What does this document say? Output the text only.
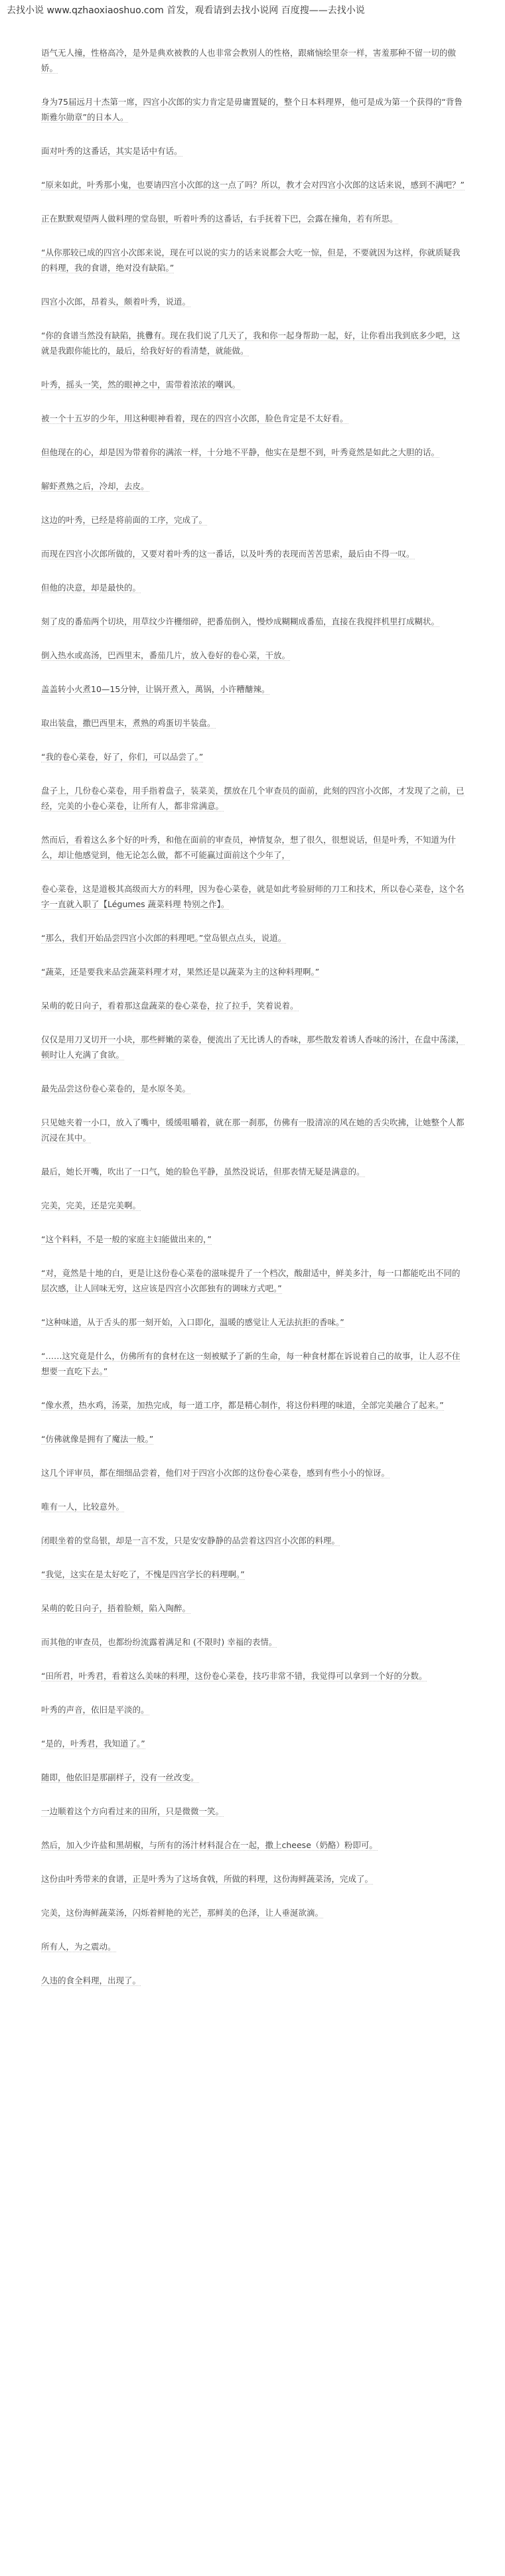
去找小说 www.qzhaoxiaoshuo.com 首发，观看请到去找小说网 百度搜——去找小说

语气无人撞，性格高冷，是外是典欢被教的人也非常会教别人的性格，跟痛恼绘里奈一样，害羞那种不留一切的傲娇。

身为75届远月十杰第一席，四宫小次郎的实力肯定是毋庸置疑的，整个日本料理界，他可是成为第一个获得的“背鲁斯雅尔勋章”的日本人。

面对叶秀的这番话，其实是话中有话。

“原来如此，叶秀那小鬼，也要请四宫小次郎的这一点了吗？所以，教才会对四宫小次郎的这话来说，感到不满吧？”

正在默默观望两人做料理的堂岛银，听着叶秀的这番话，右手抚着下巴，会露在撞角，若有所思。

“从你那较已成的四宫小次郎来说，现在可以说的实力的话来说都会大吃一惊，但是，不要就因为这样，你就质疑我的料理，我的食谱，绝对没有缺陷。”

四宫小次郎，昂着头，颇着叶秀，说道。

“你的食谱当然没有缺陷，挑釁有。现在我们说了几天了，我和你一起身帮助一起，好，让你看出我到底多少吧，这就是我跟你能比的，最后，给我好好的看清楚，就能做。

叶秀，摇头一笑，然的眼神之中，需带着浓浓的嘲讽。

被一个十五岁的少年，用这种眼神看着，现在的四宫小次郎，脸色肯定是不太好看。

但他现在的心，却是因为带着你的满浓一样，十分地不平静，他实在是想不到，叶秀竟然是如此之大胆的话。

解虾煮熟之后，冷却，去皮。

这边的叶秀，已经是将前面的工序，完成了。

而现在四宫小次郎所做的，又要对着叶秀的这一番话，以及叶秀的表现而苦苦思索，最后由不得一叹。

但他的决意，却是最快的。

刻了皮的番茄两个切块，用草纹少许栅细碎，把番茄倒入，慢炒成糊糊成番茄，直接在我搅拌机里打成糊状。

倒入热水或高汤，巴西里末，番茄几片，放入卷好的卷心菜，干放。

盖盖转小火煮10—15分钟，让锅开煮入，萬锅，小许糟醣辣。

取出装盘，撒巴西里末，煮熟的鸡蛋切半装盘。

“我的卷心菜卷，好了，你们，可以品尝了。”

盘子上，几份卷心菜卷，用手指着盘子，装菜美，摆放在几个审查员的面前，此刻的四宫小次郎，才发现了之前，已经，完美的小卷心菜卷，让所有人，都非常满意。

然而后，看着这么多个好的叶秀，和他在面前的审查员，神情复杂，想了很久，很想说话，但是叶秀，不知道为什么，却让他感觉到，他无论怎么做，都不可能赢过面前这个少年了，

卷心菜卷，这是道极其高级而大方的料理，因为卷心菜卷，就是如此考验厨师的刀工和技术，所以卷心菜卷，这个名字一直就入职了【Légumes 蔬菜料理 特别之作】。

“那么，我们开始品尝四宫小次郎的料理吧。”堂岛银点点头，说道。

“蔬菜，还是要我来品尝蔬菜料理才对，果然还是以蔬菜为主的这种料理啊。”

呆萌的乾日向子，看着那这盘蔬菜的卷心菜卷，拉了拉手，笑着说着。

仅仅是用刀叉切开一小块，那些鲜嫩的菜卷，便流出了无比诱人的香味，那些散发着诱人香味的汤汁，在盘中荡漾，顿时让人充满了食欲。

最先品尝这份卷心菜卷的，是水原冬美。

只见她夹着一小口，放入了嘴中，缓缓咀嚼着，就在那一刹那，仿佛有一股清凉的风在她的舌尖吹拂，让她整个人都沉浸在其中。

最后，她长开嘴，吹出了一口气，她的脸色平静，虽然没说话，但那表情无疑是满意的。

完美，完美，还是完美啊。

“这个料料，不是一般的家庭主妇能做出来的，”

“对，竟然是十地的白，更是让这份卷心菜卷的滋味提升了一个档次，酸甜适中，鲜美多汁，每一口都能吃出不同的层次感，让人回味无穷，这应该是四宫小次郎独有的调味方式吧。”

“这种味道，从于舌头的那一刻开始，入口即化，温暖的感觉让人无法抗拒的香味。”

“……这究竟是什么，仿佛所有的食材在这一刻被赋予了新的生命，每一种食材都在诉说着自己的故事，让人忍不住想要一直吃下去。”

“像水煮，热水鸡，汤菜，加热完成，每一道工序，都是精心制作，将这份料理的味道，全部完美融合了起来。”

“仿佛就像是拥有了魔法一般。”

这几个评审员，都在细细品尝着，他们对于四宫小次郎的这份卷心菜卷，感到有些小小的惊讶。

唯有一人，比较意外。

闭眼坐着的堂岛银，却是一言不发，只是安安静静的品尝着这四宫小次郎的料理。

“我觉，这实在是太好吃了，不愧是四宫学长的料理啊。”

呆萌的乾日向子，捂着脸颊，陷入陶醉。

而其他的审查员，也都纷纷流露着满足和 (不限时) 幸福的表情。

“田所君，叶秀君，看着这么美味的料理，这份卷心菜卷，技巧非常不错，我觉得可以拿到一个好的分数。

叶秀的声音，依旧是平淡的。

“是的，叶秀君，我知道了。”

随即，他依旧是那副样子，没有一丝改变。

一边顺着这个方向看过来的田所，只是微微一笑。

然后，加入少许盐和黑胡椒，与所有的汤汁材料混合在一起，撒上cheese（奶酪）粉即可。

这份由叶秀带来的食谱，正是叶秀为了这场食戟，所做的料理，这份海鲜蔬菜汤，完成了。

完美，这份海鲜蔬菜汤，闪烁着鲜艳的光芒，那鲜美的色泽，让人垂涎欲滴。

所有人，为之震动。

久违的食全料理，出现了。
